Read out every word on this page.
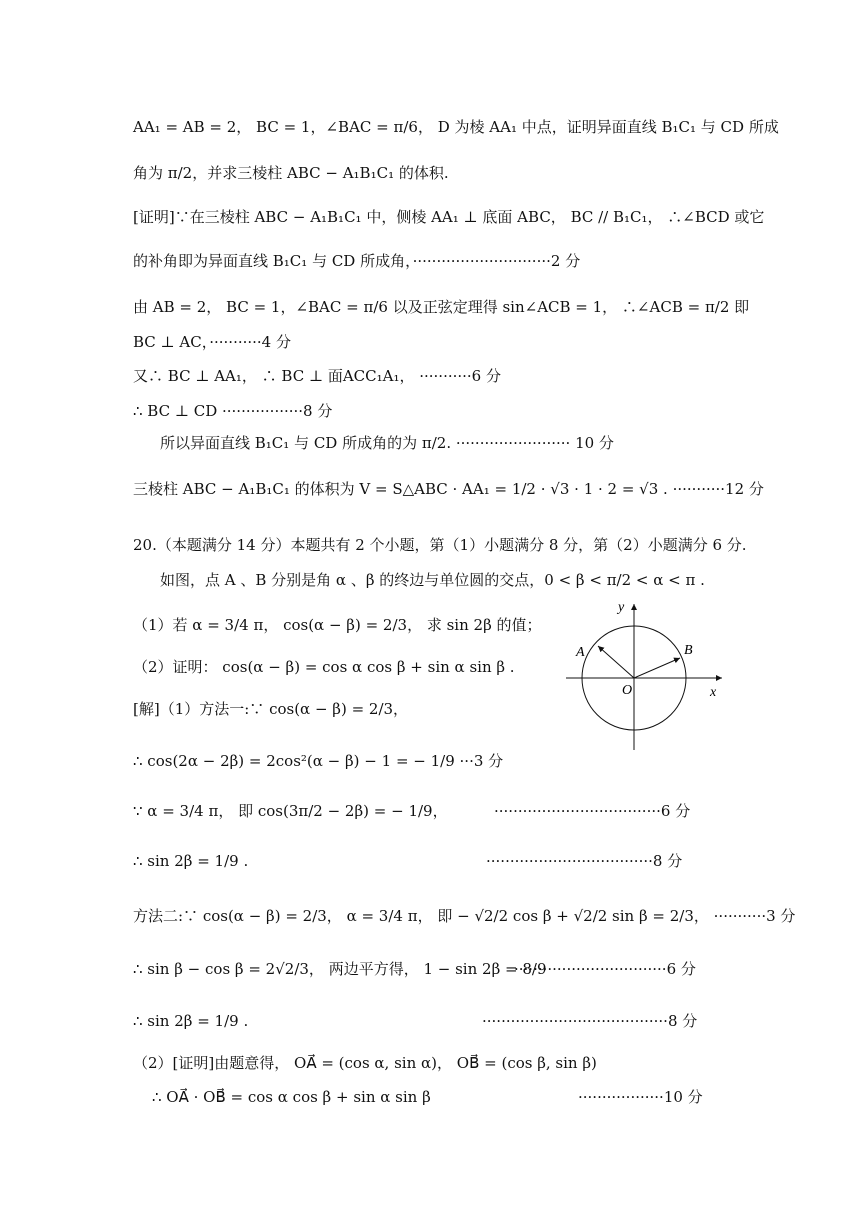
AA₁ = AB = 2， BC = 1，∠BAC = π/6， D 为棱 AA₁ 中点，证明异面直线 B₁C₁ 与 CD 所成
角为 π/2，并求三棱柱 ABC − A₁B₁C₁ 的体积.
[证明]∵在三棱柱 ABC − A₁B₁C₁ 中，侧棱 AA₁ ⊥ 底面 ABC， BC // B₁C₁， ∴∠BCD 或它
的补角即为异面直线 B₁C₁ 与 CD 所成角，·····························2 分
由 AB = 2， BC = 1，∠BAC = π/6 以及正弦定理得 sin∠ACB = 1， ∴∠ACB = π/2 即
BC ⊥ AC，···········4 分
又∴ BC ⊥ AA₁， ∴ BC ⊥ 面ACC₁A₁， ···········6 分
∴ BC ⊥ CD ·················8 分
所以异面直线 B₁C₁ 与 CD 所成角的为 π/2. ························ 10 分
三棱柱 ABC − A₁B₁C₁ 的体积为 V = S△ABC · AA₁ = 1/2 · √3 · 1 · 2 = √3 . ···········12 分
20.（本题满分 14 分）本题共有 2 个小题，第（1）小题满分 8 分，第（2）小题满分 6 分.
如图，点 A 、B 分别是角 α 、β 的终边与单位圆的交点，0 < β < π/2 < α < π .
（1）若 α = 3/4 π， cos(α − β) = 2/3， 求 sin 2β 的值；
（2）证明： cos(α − β) = cos α cos β + sin α sin β .
[解]（1）方法一:∵ cos(α − β) = 2/3，
∴ cos(2α − 2β) = 2cos²(α − β) − 1 = − 1/9 ···3 分
∵ α = 3/4 π， 即 cos(3π/2 − 2β) = − 1/9，	···································6 分
∴ sin 2β = 1/9 .	···································8 分
方法二:∵ cos(α − β) = 2/3， α = 3/4 π， 即 − √2/2 cos β + √2/2 sin β = 2/3， ···········3 分
∴ sin β − cos β = 2√2/3， 两边平方得， 1 − sin 2β = 8/9
································6 分
∴ sin 2β = 1/9 .	·······································8 分
（2）[证明]由题意得， OA⃗ = (cos α, sin α)， OB⃗ = (cos β, sin β)
∴ OA⃗ · OB⃗ = cos α cos β + sin α sin β	··················10 分
y
x
O
A	B
